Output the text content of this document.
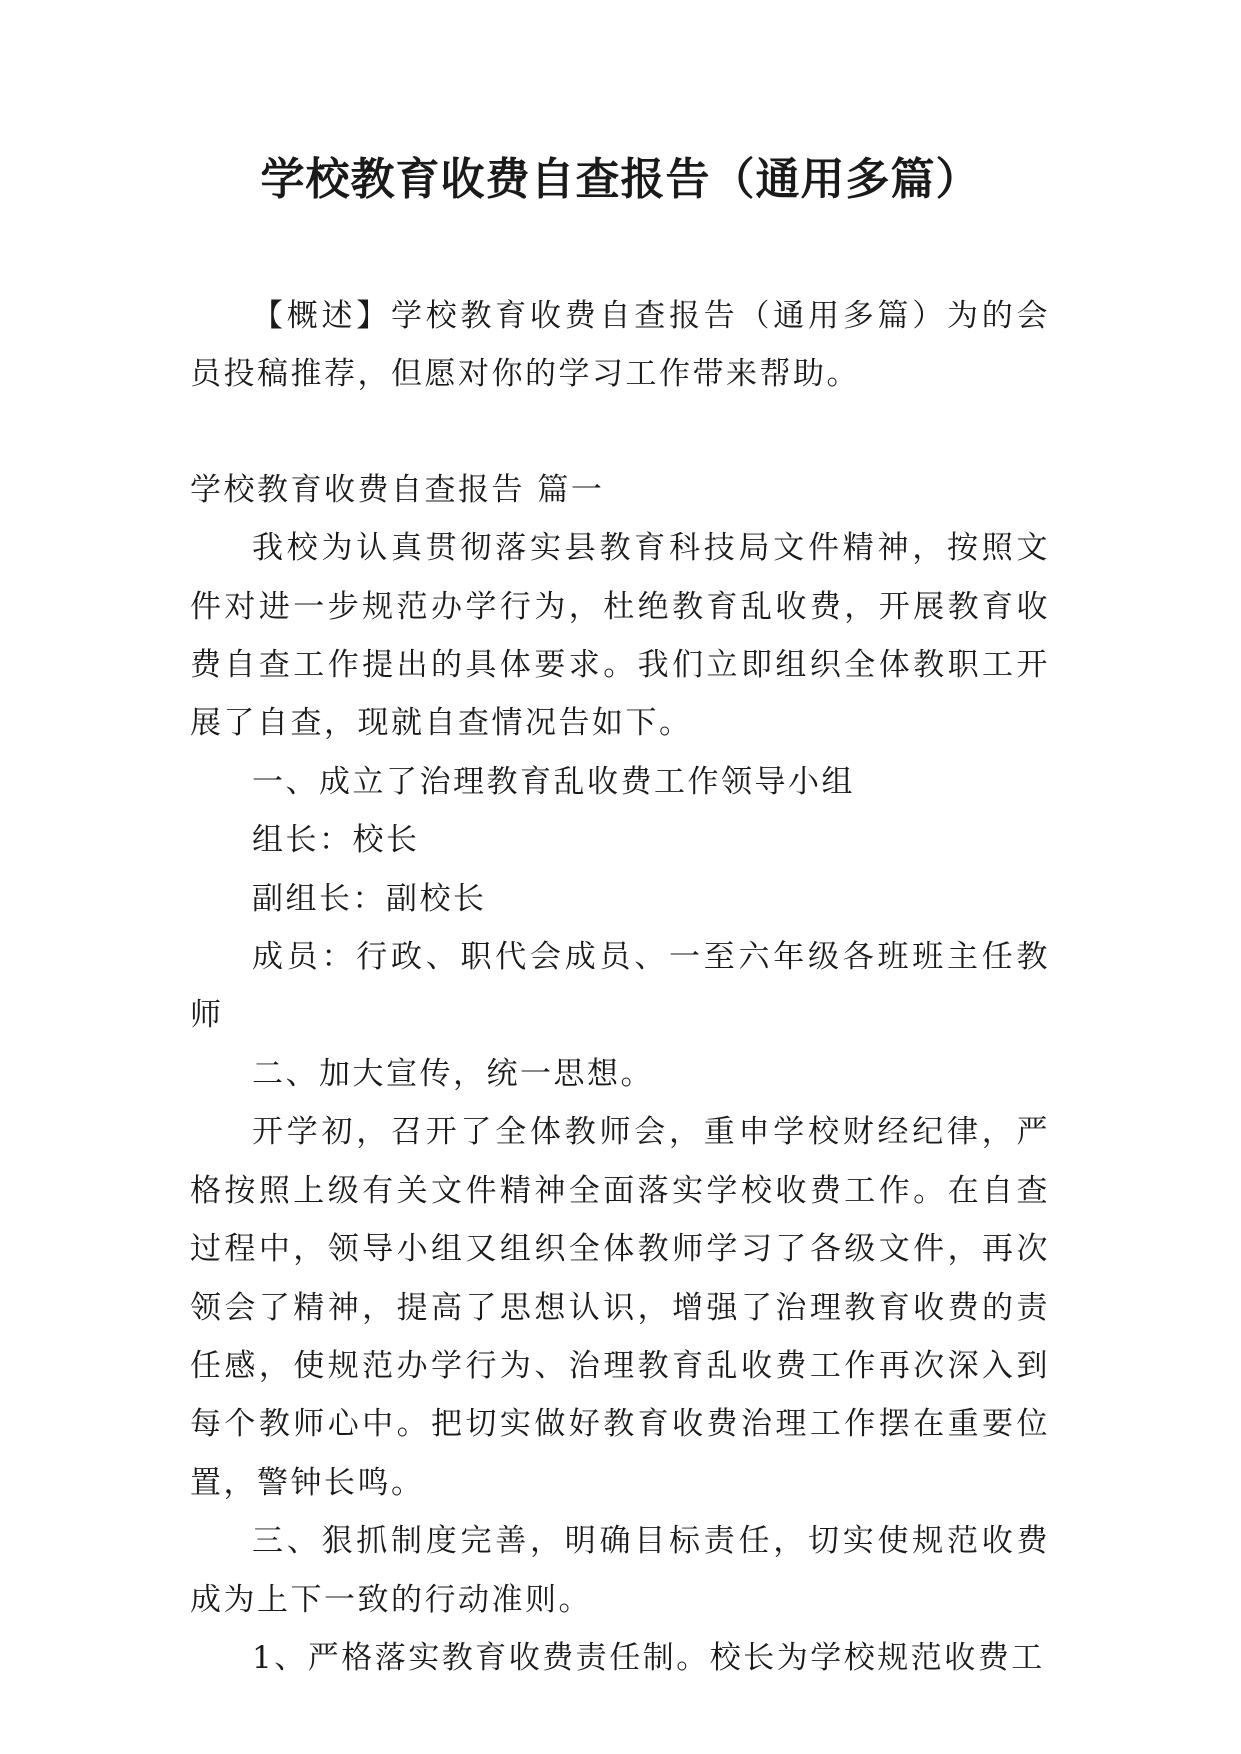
学校教育收费自查报告（通用多篇）

【概述】学校教育收费自查报告（通用多篇）为的会员投稿推荐，但愿对你的学习工作带来帮助。

学校教育收费自查报告 篇一

我校为认真贯彻落实县教育科技局文件精神，按照文件对进一步规范办学行为，杜绝教育乱收费，开展教育收费自查工作提出的具体要求。我们立即组织全体教职工开展了自查，现就自查情况告如下。

一、成立了治理教育乱收费工作领导小组

组长：校长

副组长：副校长

成员：行政、职代会成员、一至六年级各班班主任教师

二、加大宣传，统一思想。

开学初，召开了全体教师会，重申学校财经纪律，严格按照上级有关文件精神全面落实学校收费工作。在自查过程中，领导小组又组织全体教师学习了各级文件，再次领会了精神，提高了思想认识，增强了治理教育收费的责任感，使规范办学行为、治理教育乱收费工作再次深入到每个教师心中。把切实做好教育收费治理工作摆在重要位置，警钟长鸣。

三、狠抓制度完善，明确目标责任，切实使规范收费成为上下一致的行动准则。

1、严格落实教育收费责任制。校长为学校规范收费工
